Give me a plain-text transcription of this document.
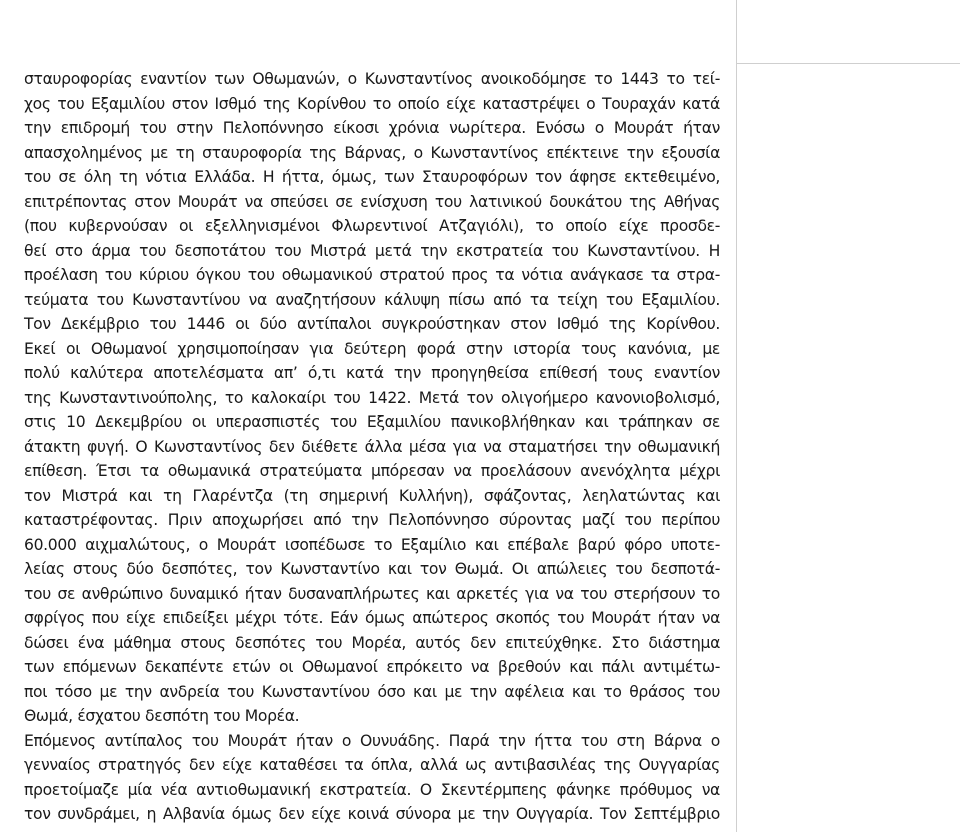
σταυροφορίας εναντίον των Οθωμανών, ο Κωνσταντίνος ανοικοδόμησε το 1443 το τεί-
χος του Εξαμιλίου στον Ισθμό της Κορίνθου το οποίο είχε καταστρέψει ο Τουραχάν κατά
την επιδρομή του στην Πελοπόννησο είκοσι χρόνια νωρίτερα. Ενόσω ο Μουράτ ήταν
απασχολημένος με τη σταυροφορία της Βάρνας, ο Κωνσταντίνος επέκτεινε την εξουσία
του σε όλη τη νότια Ελλάδα. Η ήττα, όμως, των Σταυροφόρων τον άφησε εκτεθειμένο,
επιτρέποντας στον Μουράτ να σπεύσει σε ενίσχυση του λατινικού δουκάτου της Αθήνας
(που κυβερνούσαν οι εξελληνισμένοι Φλωρεντινοί Ατζαγιόλι), το οποίο είχε προσδε-
θεί στο άρμα του δεσποτάτου του Μιστρά μετά την εκστρατεία του Κωνσταντίνου. Η
προέλαση του κύριου όγκου του οθωμανικού στρατού προς τα νότια ανάγκασε τα στρα-
τεύματα του Κωνσταντίνου να αναζητήσουν κάλυψη πίσω από τα τείχη του Εξαμιλίου.
Τον Δεκέμβριο του 1446 οι δύο αντίπαλοι συγκρούστηκαν στον Ισθμό της Κορίνθου.
Εκεί οι Οθωμανοί χρησιμοποίησαν για δεύτερη φορά στην ιστορία τους κανόνια, με
πολύ καλύτερα αποτελέσματα απ’ ό,τι κατά την προηγηθείσα επίθεσή τους εναντίον
της Κωνσταντινούπολης, το καλοκαίρι του 1422. Μετά τον ολιγοήμερο κανονιοβολισμό,
στις 10 Δεκεμβρίου οι υπερασπιστές του Εξαμιλίου πανικοβλήθηκαν και τράπηκαν σε
άτακτη φυγή. Ο Κωνσταντίνος δεν διέθετε άλλα μέσα για να σταματήσει την οθωμανική
επίθεση. Έτσι τα οθωμανικά στρατεύματα μπόρεσαν να προελάσουν ανενόχλητα μέχρι
τον Μιστρά και τη Γλαρέντζα (τη σημερινή Κυλλήνη), σφάζοντας, λεηλατώντας και
καταστρέφοντας. Πριν αποχωρήσει από την Πελοπόννησο σύροντας μαζί του περίπου
60.000 αιχμαλώτους, ο Μουράτ ισοπέδωσε το Εξαμίλιο και επέβαλε βαρύ φόρο υποτε-
λείας στους δύο δεσπότες, τον Κωνσταντίνο και τον Θωμά. Οι απώλειες του δεσποτά-
του σε ανθρώπινο δυναμικό ήταν δυσαναπλήρωτες και αρκετές για να του στερήσουν το
σφρίγος που είχε επιδείξει μέχρι τότε. Εάν όμως απώτερος σκοπός του Μουράτ ήταν να
δώσει ένα μάθημα στους δεσπότες του Μορέα, αυτός δεν επιτεύχθηκε. Στο διάστημα
των επόμενων δεκαπέντε ετών οι Οθωμανοί επρόκειτο να βρεθούν και πάλι αντιμέτω-
ποι τόσο με την ανδρεία του Κωνσταντίνου όσο και με την αφέλεια και το θράσος του
Θωμά, έσχατου δεσπότη του Μορέα.
Επόμενος αντίπαλος του Μουράτ ήταν ο Ουνυάδης. Παρά την ήττα του στη Βάρνα ο
γενναίος στρατηγός δεν είχε καταθέσει τα όπλα, αλλά ως αντιβασιλέας της Ουγγαρίας
προετοίμαζε μία νέα αντιοθωμανική εκστρατεία. Ο Σκεντέρμπεης φάνηκε πρόθυμος να
τον συνδράμει, η Αλβανία όμως δεν είχε κοινά σύνορα με την Ουγγαρία. Τον Σεπτέμβριο
